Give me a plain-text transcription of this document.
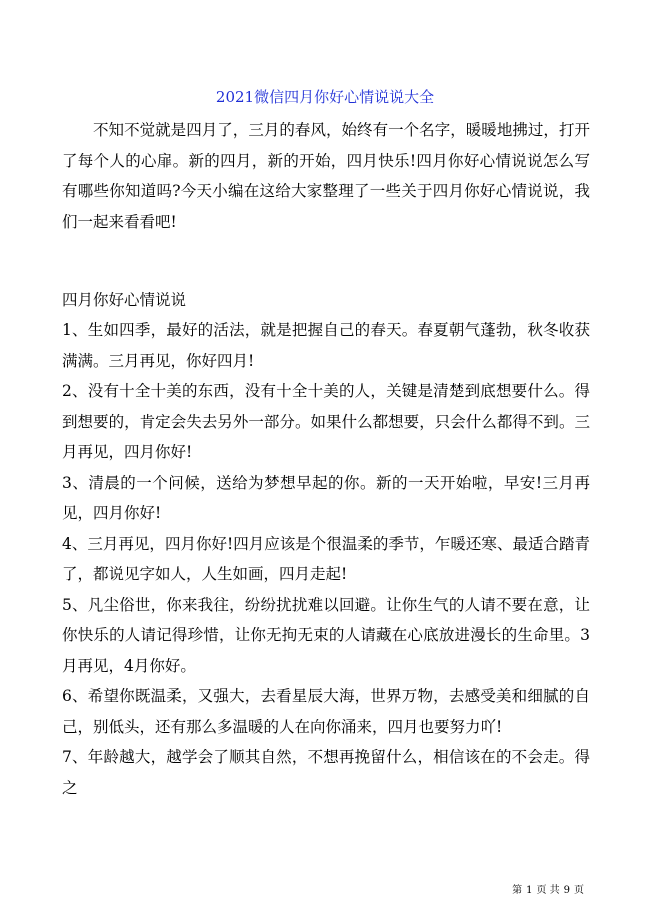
2021微信四月你好心情说说大全
不知不觉就是四月了，三月的春风，始终有一个名字，暖暖地拂过，打开了每个人的心扉。新的四月，新的开始，四月快乐!四月你好心情说说怎么写有哪些你知道吗?今天小编在这给大家整理了一些关于四月你好心情说说，我们一起来看看吧!
四月你好心情说说

1、生如四季，最好的活法，就是把握自己的春天。春夏朝气蓬勃，秋冬收获满满。三月再见，你好四月!

2、没有十全十美的东西，没有十全十美的人，关键是清楚到底想要什么。得到想要的，肯定会失去另外一部分。如果什么都想要，只会什么都得不到。三月再见，四月你好!

3、清晨的一个问候，送给为梦想早起的你。新的一天开始啦，早安!三月再见，四月你好!

4、三月再见，四月你好!四月应该是个很温柔的季节，乍暖还寒、最适合踏青了，都说见字如人，人生如画，四月走起!

5、凡尘俗世，你来我往，纷纷扰扰难以回避。让你生气的人请不要在意，让你快乐的人请记得珍惜，让你无拘无束的人请藏在心底放进漫长的生命里。3月再见，4月你好。

6、希望你既温柔，又强大，去看星辰大海，世界万物，去感受美和细腻的自己，别低头，还有那么多温暖的人在向你涌来，四月也要努力吖!

7、年龄越大，越学会了顺其自然，不想再挽留什么，相信该在的不会走。得之

第 1 页 共 9 页
